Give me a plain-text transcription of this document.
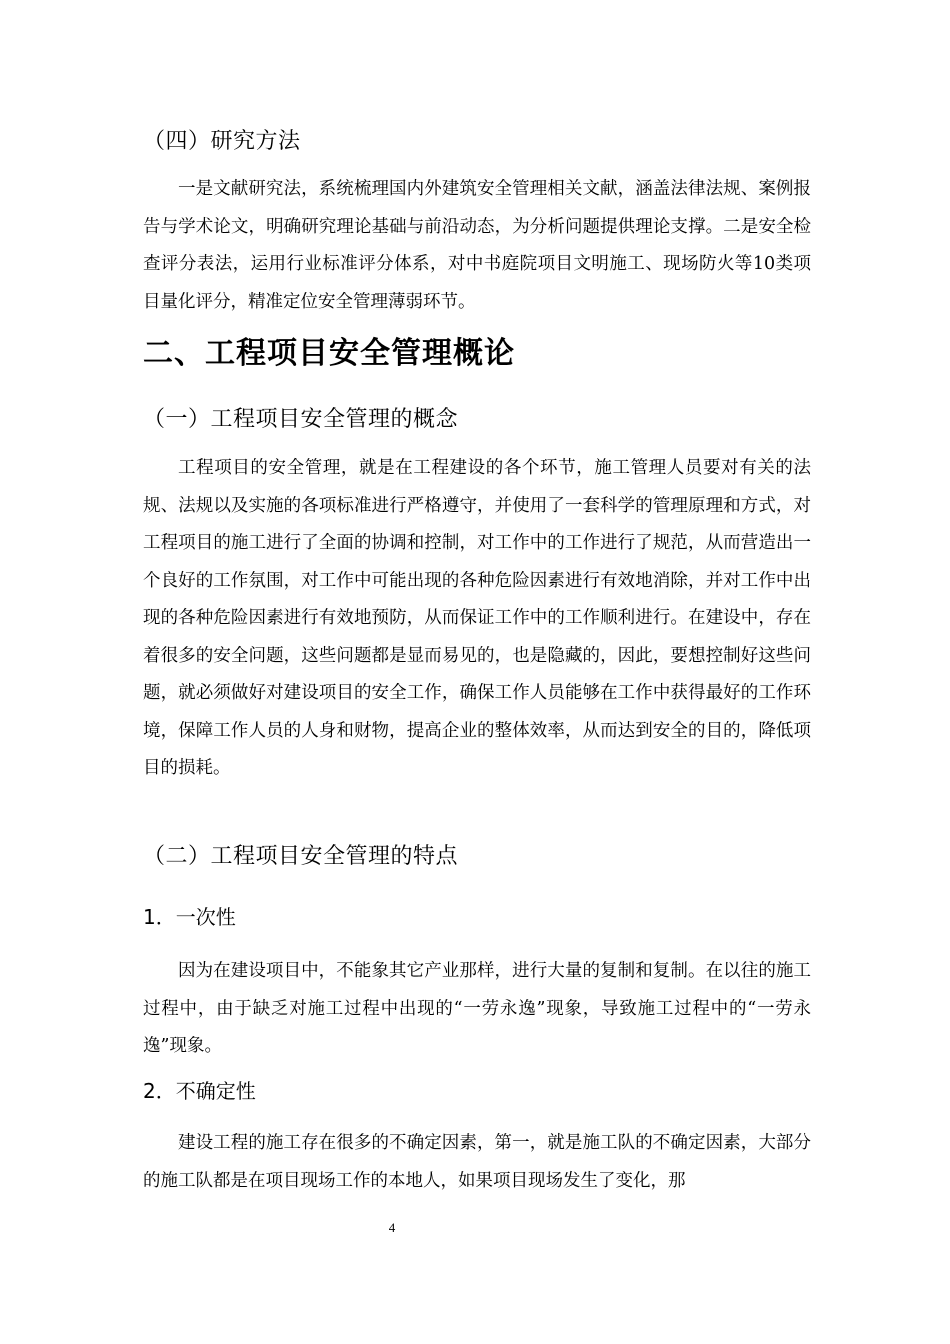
（四）研究方法

一是文献研究法，系统梳理国内外建筑安全管理相关文献，涵盖法律法规、案例报告与学术论文，明确研究理论基础与前沿动态，为分析问题提供理论支撑。二是安全检查评分表法，运用行业标准评分体系，对中书庭院项目文明施工、现场防火等10类项目量化评分，精准定位安全管理薄弱环节。

二、工程项目安全管理概论
（一）工程项目安全管理的概念

工程项目的安全管理，就是在工程建设的各个环节，施工管理人员要对有关的法规、法规以及实施的各项标准进行严格遵守，并使用了一套科学的管理原理和方式，对工程项目的施工进行了全面的协调和控制，对工作中的工作进行了规范，从而营造出一个良好的工作氛围，对工作中可能出现的各种危险因素进行有效地消除，并对工作中出现的各种危险因素进行有效地预防，从而保证工作中的工作顺利进行。在建设中，存在着很多的安全问题，这些问题都是显而易见的，也是隐藏的，因此，要想控制好这些问题，就必须做好对建设项目的安全工作，确保工作人员能够在工作中获得最好的工作环境，保障工作人员的人身和财物，提高企业的整体效率，从而达到安全的目的，降低项目的损耗。

（二）工程项目安全管理的特点
1．一次性

因为在建设项目中，不能象其它产业那样，进行大量的复制和复制。在以往的施工过程中，由于缺乏对施工过程中出现的“一劳永逸”现象，导致施工过程中的“一劳永逸”现象。

2．不确定性

建设工程的施工存在很多的不确定因素，第一，就是施工队的不确定因素，大部分的施工队都是在项目现场工作的本地人，如果项目现场发生了变化，那

4
